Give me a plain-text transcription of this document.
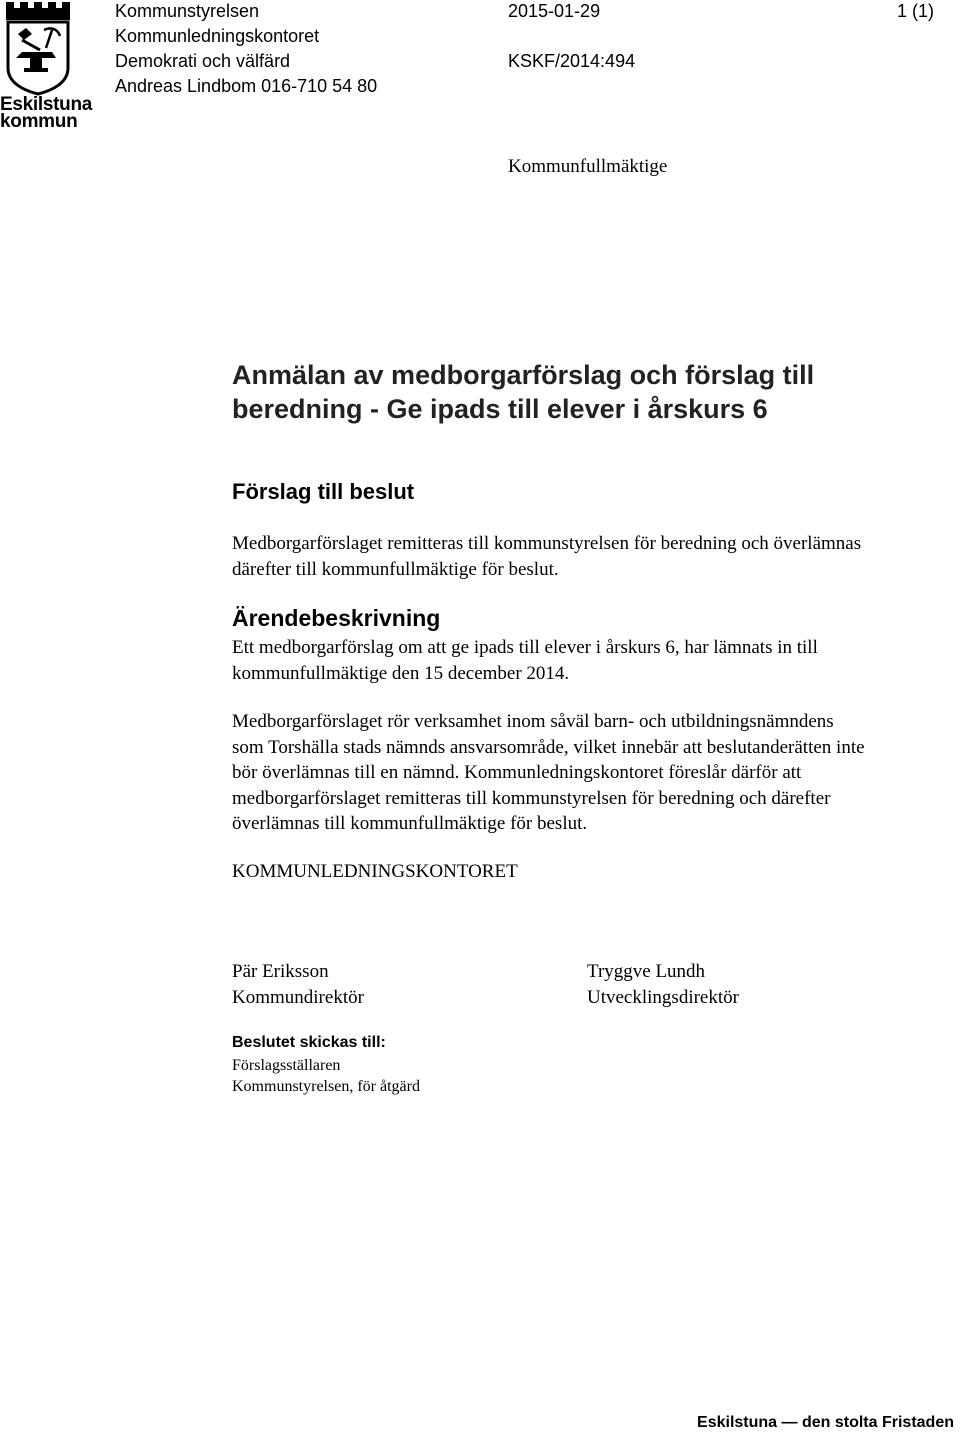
Eskilstuna
kommun
Kommunstyrelsen
Kommunledningskontoret
Demokrati och välfärd
Andreas Lindbom 016-710 54 80
2015-01-29
KSKF/2014:494
1 (1)
Kommunfullmäktige
Anmälan av medborgarförslag och förslag till
beredning - Ge ipads till elever i årskurs 6
Förslag till beslut
Medborgarförslaget remitteras till kommunstyrelsen för beredning och överlämnas
därefter till kommunfullmäktige för beslut.
Ärendebeskrivning
Ett medborgarförslag om att ge ipads till elever i årskurs 6, har lämnats in till
kommunfullmäktige den 15 december 2014.
Medborgarförslaget rör verksamhet inom såväl barn- och utbildningsnämndens
som Torshälla stads nämnds ansvarsområde, vilket innebär att beslutanderätten inte
bör överlämnas till en nämnd. Kommunledningskontoret föreslår därför att
medborgarförslaget remitteras till kommunstyrelsen för beredning och därefter
överlämnas till kommunfullmäktige för beslut.
KOMMUNLEDNINGSKONTORET
Pär Eriksson
Kommundirektör
Tryggve Lundh
Utvecklingsdirektör
Beslutet skickas till:
Förslagsställaren
Kommunstyrelsen, för åtgärd
Eskilstuna — den stolta Fristaden
